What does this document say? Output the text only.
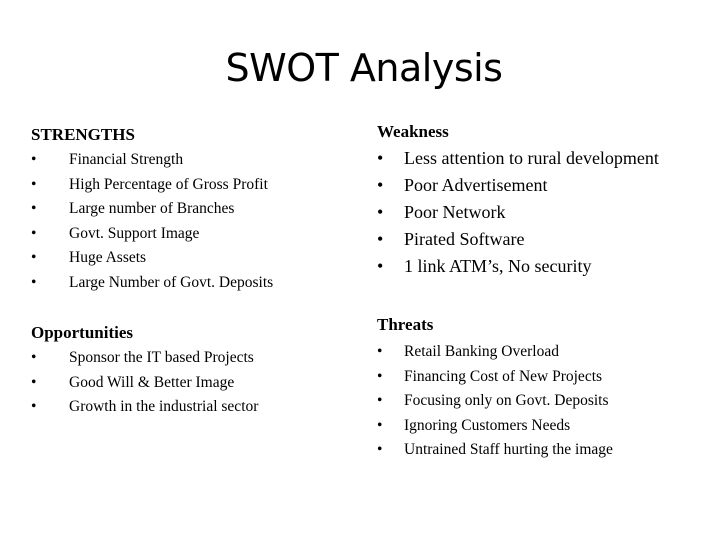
SWOT Analysis
STRENGTHS
• Financial Strength
• High Percentage of Gross Profit
• Large number of Branches
• Govt. Support Image
• Huge Assets
• Large Number of Govt. Deposits
Opportunities
• Sponsor the IT based Projects
• Good Will & Better Image
• Growth in the industrial sector
Weakness
• Less attention to rural development
• Poor Advertisement
• Poor Network
• Pirated Software
• 1 link ATM’s, No security
Threats
• Retail Banking Overload
• Financing Cost of New Projects
• Focusing only on Govt. Deposits
• Ignoring Customers Needs
• Untrained Staff hurting the image
